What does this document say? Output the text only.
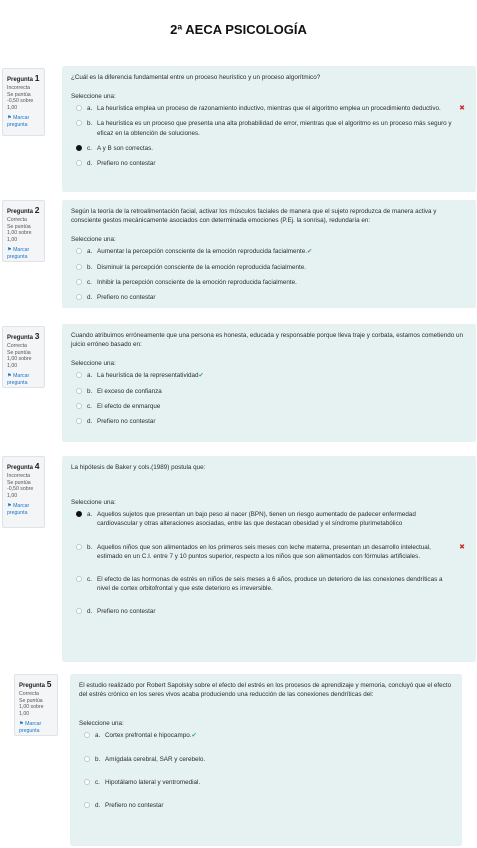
2ª AECA PSICOLOGÍA
Pregunta 1
Incorrecta
Se puntúa -0,50 sobre 1,00
⚑ Marcar pregunta
¿Cuál es la diferencia fundamental entre un proceso heurístico y un proceso algorítmico?
Seleccione una:
a. La heurística emplea un proceso de razonamiento inductivo, mientras que el algoritmo emplea un procedimiento deductivo.	✖
b. La heurística es un proceso que presenta una alta probabilidad de error, mientras que el algoritmo es un proceso más seguro y eficaz en la obtención de soluciones.
c. A y B son correctas.
d. Prefiero no contestar
Pregunta 2
Correcta
Se puntúa 1,00 sobre 1,00
⚑ Marcar pregunta
Según la teoría de la retroalimentación facial, activar los músculos faciales de manera que el sujeto reproduzca de manera activa y consciente gestos mecánicamente asociados con determinada emociones (P.Ej. la sonrisa), redundaría en:
Seleccione una:
a. Aumentar la percepción consciente de la emoción reproducida facialmente.✔
b. Disminuir la percepción consciente de la emoción reproducida facialmente.
c. Inhibir la percepción consciente de la emoción reproducida facialmente.
d. Prefiero no contestar
Pregunta 3
Correcta
Se puntúa 1,00 sobre 1,00
⚑ Marcar pregunta
Cuando atribuimos erróneamente que una persona es honesta, educada y responsable porque lleva traje y corbata, estamos cometiendo un juicio erróneo basado en:
Seleccione una:
a. La heurística de la representatividad✔
b. El exceso de confianza
c. El efecto de enmarque
d. Prefiero no contestar
Pregunta 4
Incorrecta
Se puntúa -0,50 sobre 1,00
⚑ Marcar pregunta
La hipótesis de Baker y cols.(1989) postula que:
Seleccione una:
a. Aquellos sujetos que presentan un bajo peso al nacer (BPN), tienen un riesgo aumentado de padecer enfermedad cardiovascular y otras alteraciones asociadas, entre las que destacan obesidad y el síndrome plurimetabólico
b. Aquellos niños que son alimentados en los primeros seis meses con leche materna, presentan un desarrollo intelectual, estimado en un C.I. entre 7 y 10 puntos superior, respecto a los niños que son alimentados con fórmulas artificiales.
✖
c. El efecto de las hormonas de estrés en niños de seis meses a 6 años, produce un deterioro de las conexiones dendríticas a nivel de cortex orbitofrontal y que este deterioro es irreversible.
d. Prefiero no contestar
Pregunta 5
Correcta
Se puntúa 1,00 sobre 1,00
⚑ Marcar pregunta
El estudio realizado por Robert Sapolsky sobre el efecto del estrés en los procesos de aprendizaje y memoria, concluyó que el efecto del estrés crónico en los seres vivos acaba produciendo una reducción de las conexiones dendríticas del:
Seleccione una:
a. Cortex prefrontal e hipocampo.✔
b. Amígdala cerebral, SAR y cerebelo.
c. Hipotálamo lateral y ventromedial.
d. Prefiero no contestar
